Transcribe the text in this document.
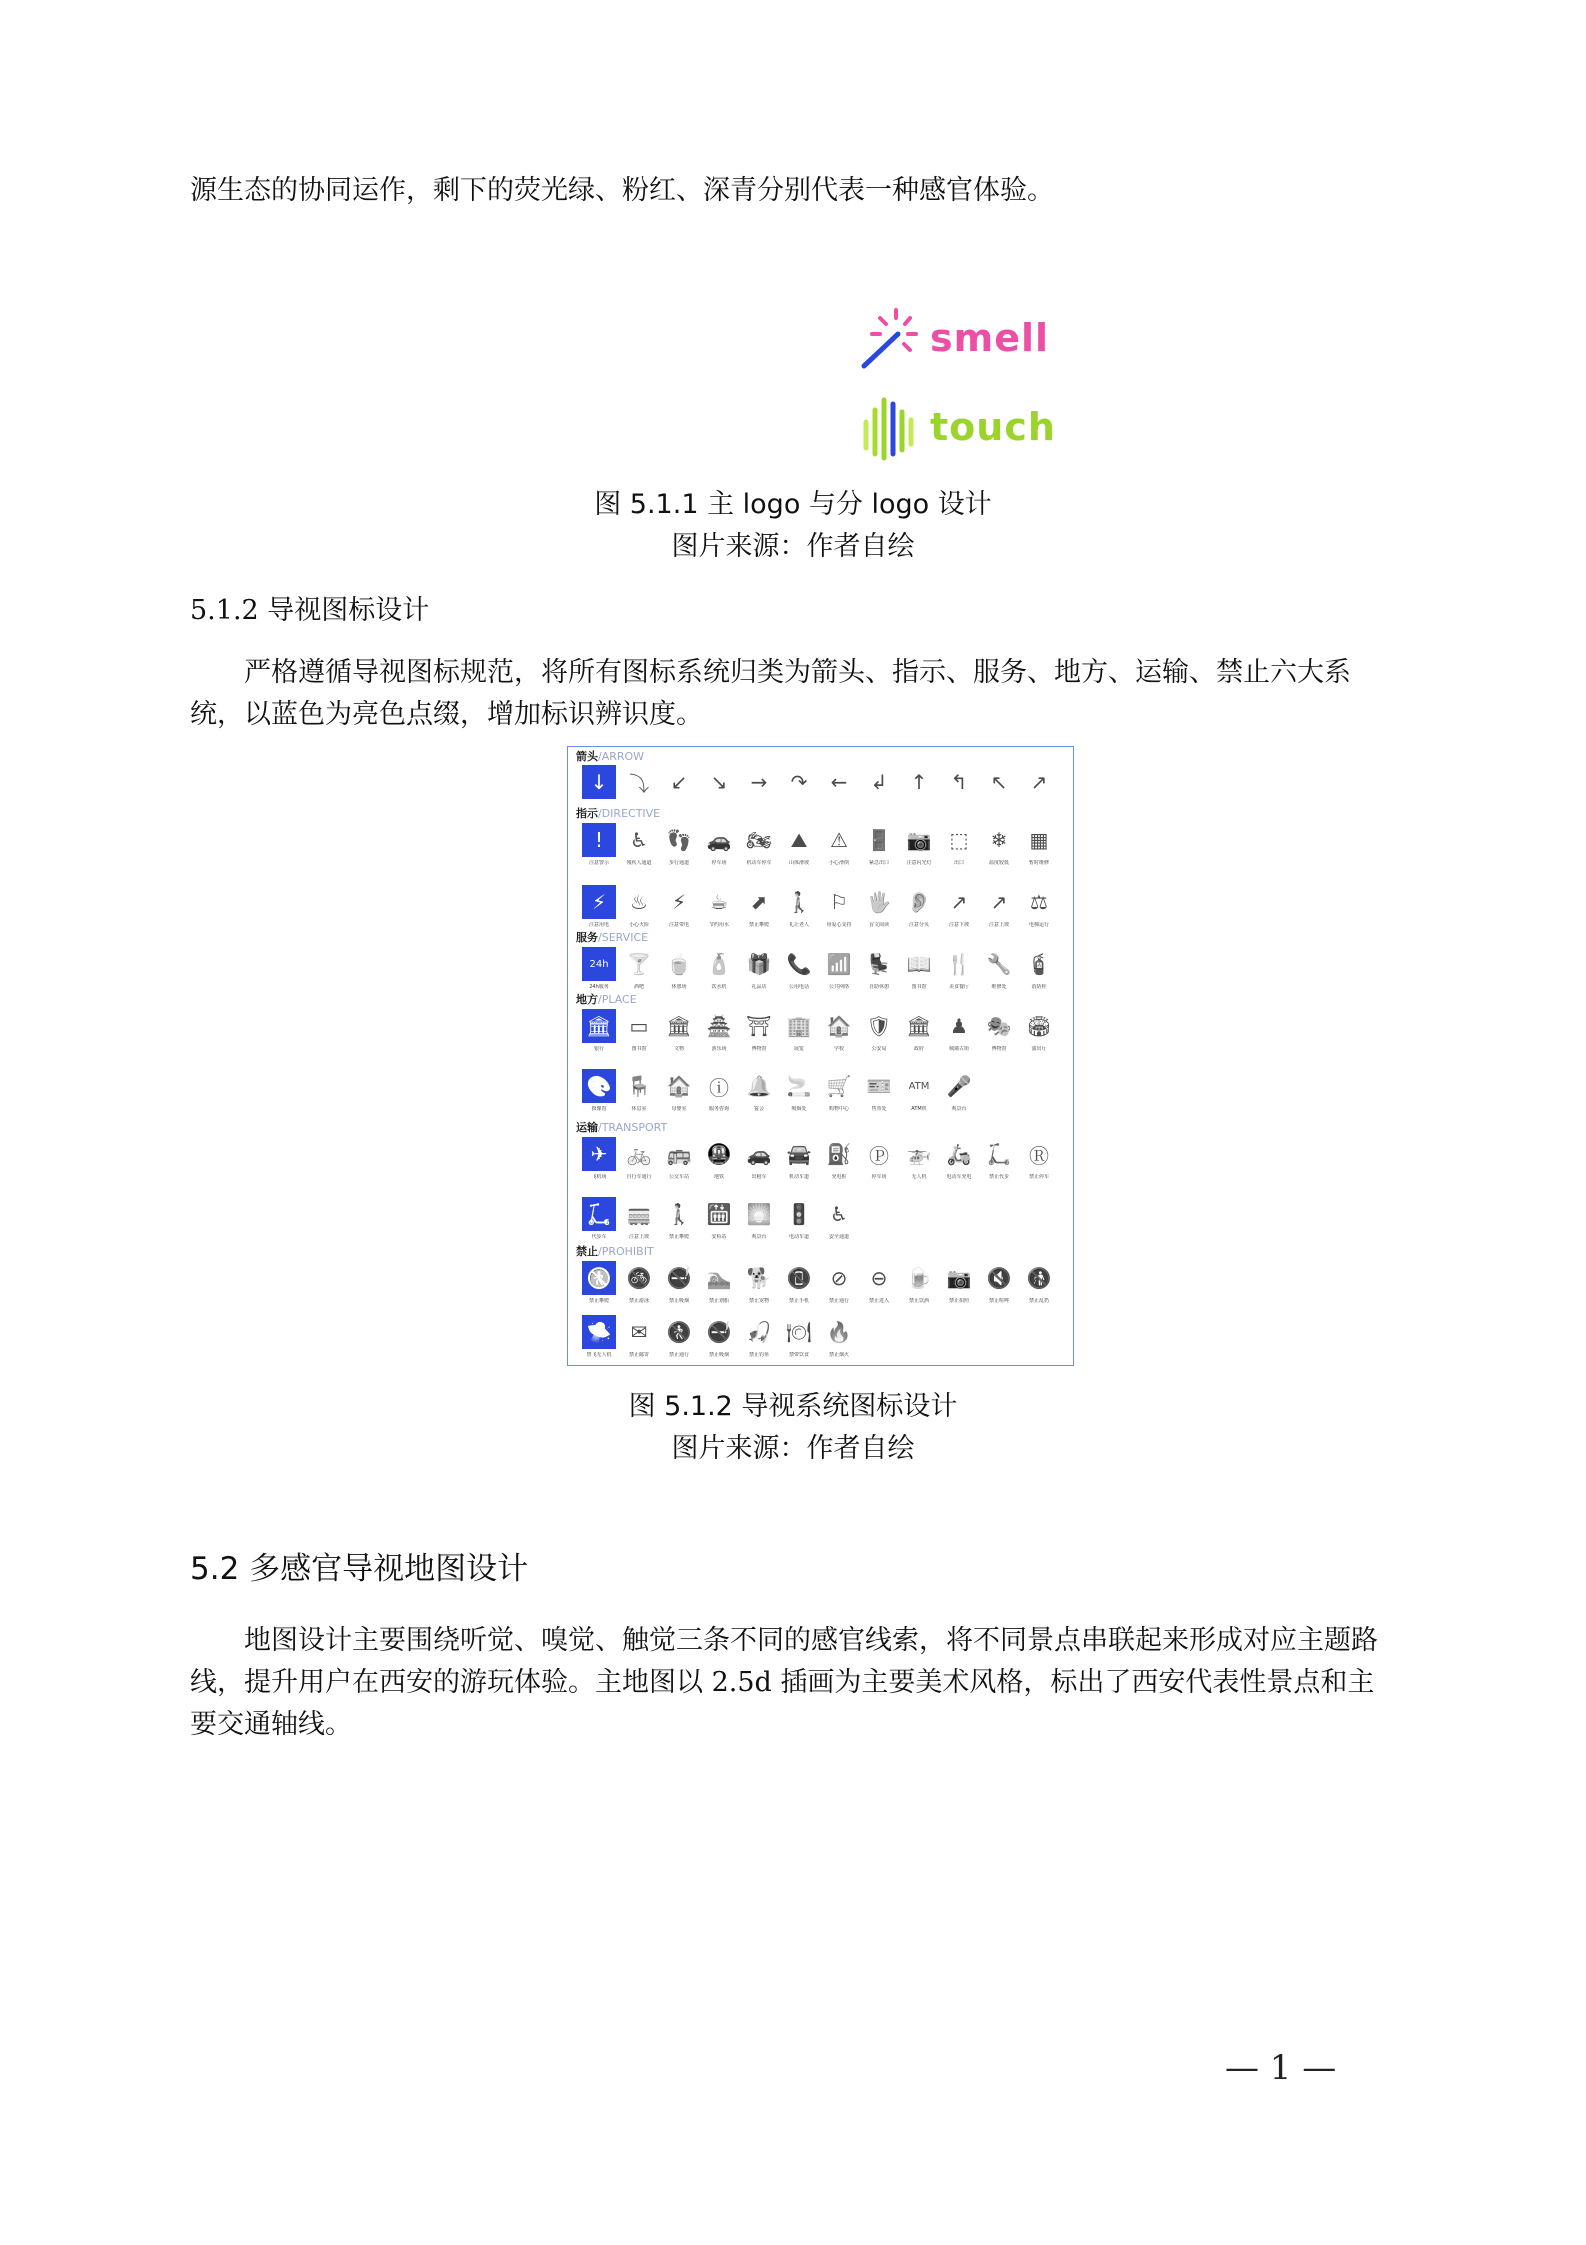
源生态的协同运作，剩下的荧光绿、粉红、深青分别代表一种感官体验。

smell
touch
图 5.1.1 主 logo 与分 logo 设计
图片来源：作者自绘
5.1.2 导视图标设计

严格遵循导视图标规范，将所有图标系统归类为箭头、指示、服务、地方、运输、禁止六大系统，以蓝色为亮色点缀，增加标识辨识度。

箭头/ARROW
↓ ⤵ ↙ ↘ → ↷ ← ↲ ↑ ↰ ↖ ↗
指示/DIRECTIVE
!
注意警示
♿
残疾人通道
👣
步行通道
🚗
停车场
🏍
机动车停车
⛰
山体滑坡
⚠
小心滑倒
🚪
紧急出口
📷
注意闪光灯
⬚
出口
❄
温度较低
▦
暂时维修
⚡
注意用电
♨
小心火险
⚡
注意带电
☕
节约用水
⬈
禁止攀爬
🚶
礼让老人
⚐
用爱心支持
🖐
盲文阅读
👂
注意分贝
↗
注意下坡
↗
注意上坡
⚖
电梯运行
服务/SERVICE
24h
24h服务
🍸
酒吧
🍵
休憩场
🧴
饮水机
🎁
礼品店
📞
公用电话
📶
公共网络
💺
自助休憩
📖
图书馆
🍴
美食餐厅
🔧
维修处
🧯
消防栓
地方/PLACE
🏛
银行
▭
图书馆
🏛
文物
🏯
游乐场
⛩
博物馆
🏢
展览
🏠
学校
🛡
公安局
🏛
政府
♟
城墙古街
🎭
博物馆
🏟
演出厅
🎨
摄像馆
🪑
休息室
🏠
母婴室
ⓘ
服务咨询
🔔
宴会
🚬
吸烟处
🛒
购物中心
🎫
售票处
ATM
ATM机
🎤
观景台
运输/TRANSPORT
✈
飞机场
🚲
自行车通行
🚌
公交车站
🚇
地铁
🚗
出租车
🚘
机动车道
⛽
充电桩
Ⓟ
停车场
🚁
无人机
🛵
电动车充电
🛴
禁止代步
Ⓡ
禁止停车
🛴
代步车
🚃
注意上坡
🚶
禁止攀爬
🛗
安检站
🌅
观景台
🚦
电动车道
♿
安全通道
禁止/PROHIBIT
🚷
禁止攀爬
🚳
禁止游泳
🚭
禁止吸烟
🏊
禁止划船
🐕
禁止宠物
📵
禁止手机
⊘
禁止通行
⊖
禁止进入
🍺
禁止饮酒
📷
禁止拍照
🔇
禁止喧哗
🚯
禁止乱扔
🛸
禁飞无人机
✉
禁止邮寄
🚷
禁止通行
🚭
禁止吸烟
🎣
禁止钓鱼
🍽
禁带饮食
🔥
禁止烟火
图 5.1.2 导视系统图标设计
图片来源：作者自绘
5.2 多感官导视地图设计

地图设计主要围绕听觉、嗅觉、触觉三条不同的感官线索，将不同景点串联起来形成对应主题路线，提升用户在西安的游玩体验。主地图以 2.5d 插画为主要美术风格，标出了西安代表性景点和主要交通轴线。

— 1 —
